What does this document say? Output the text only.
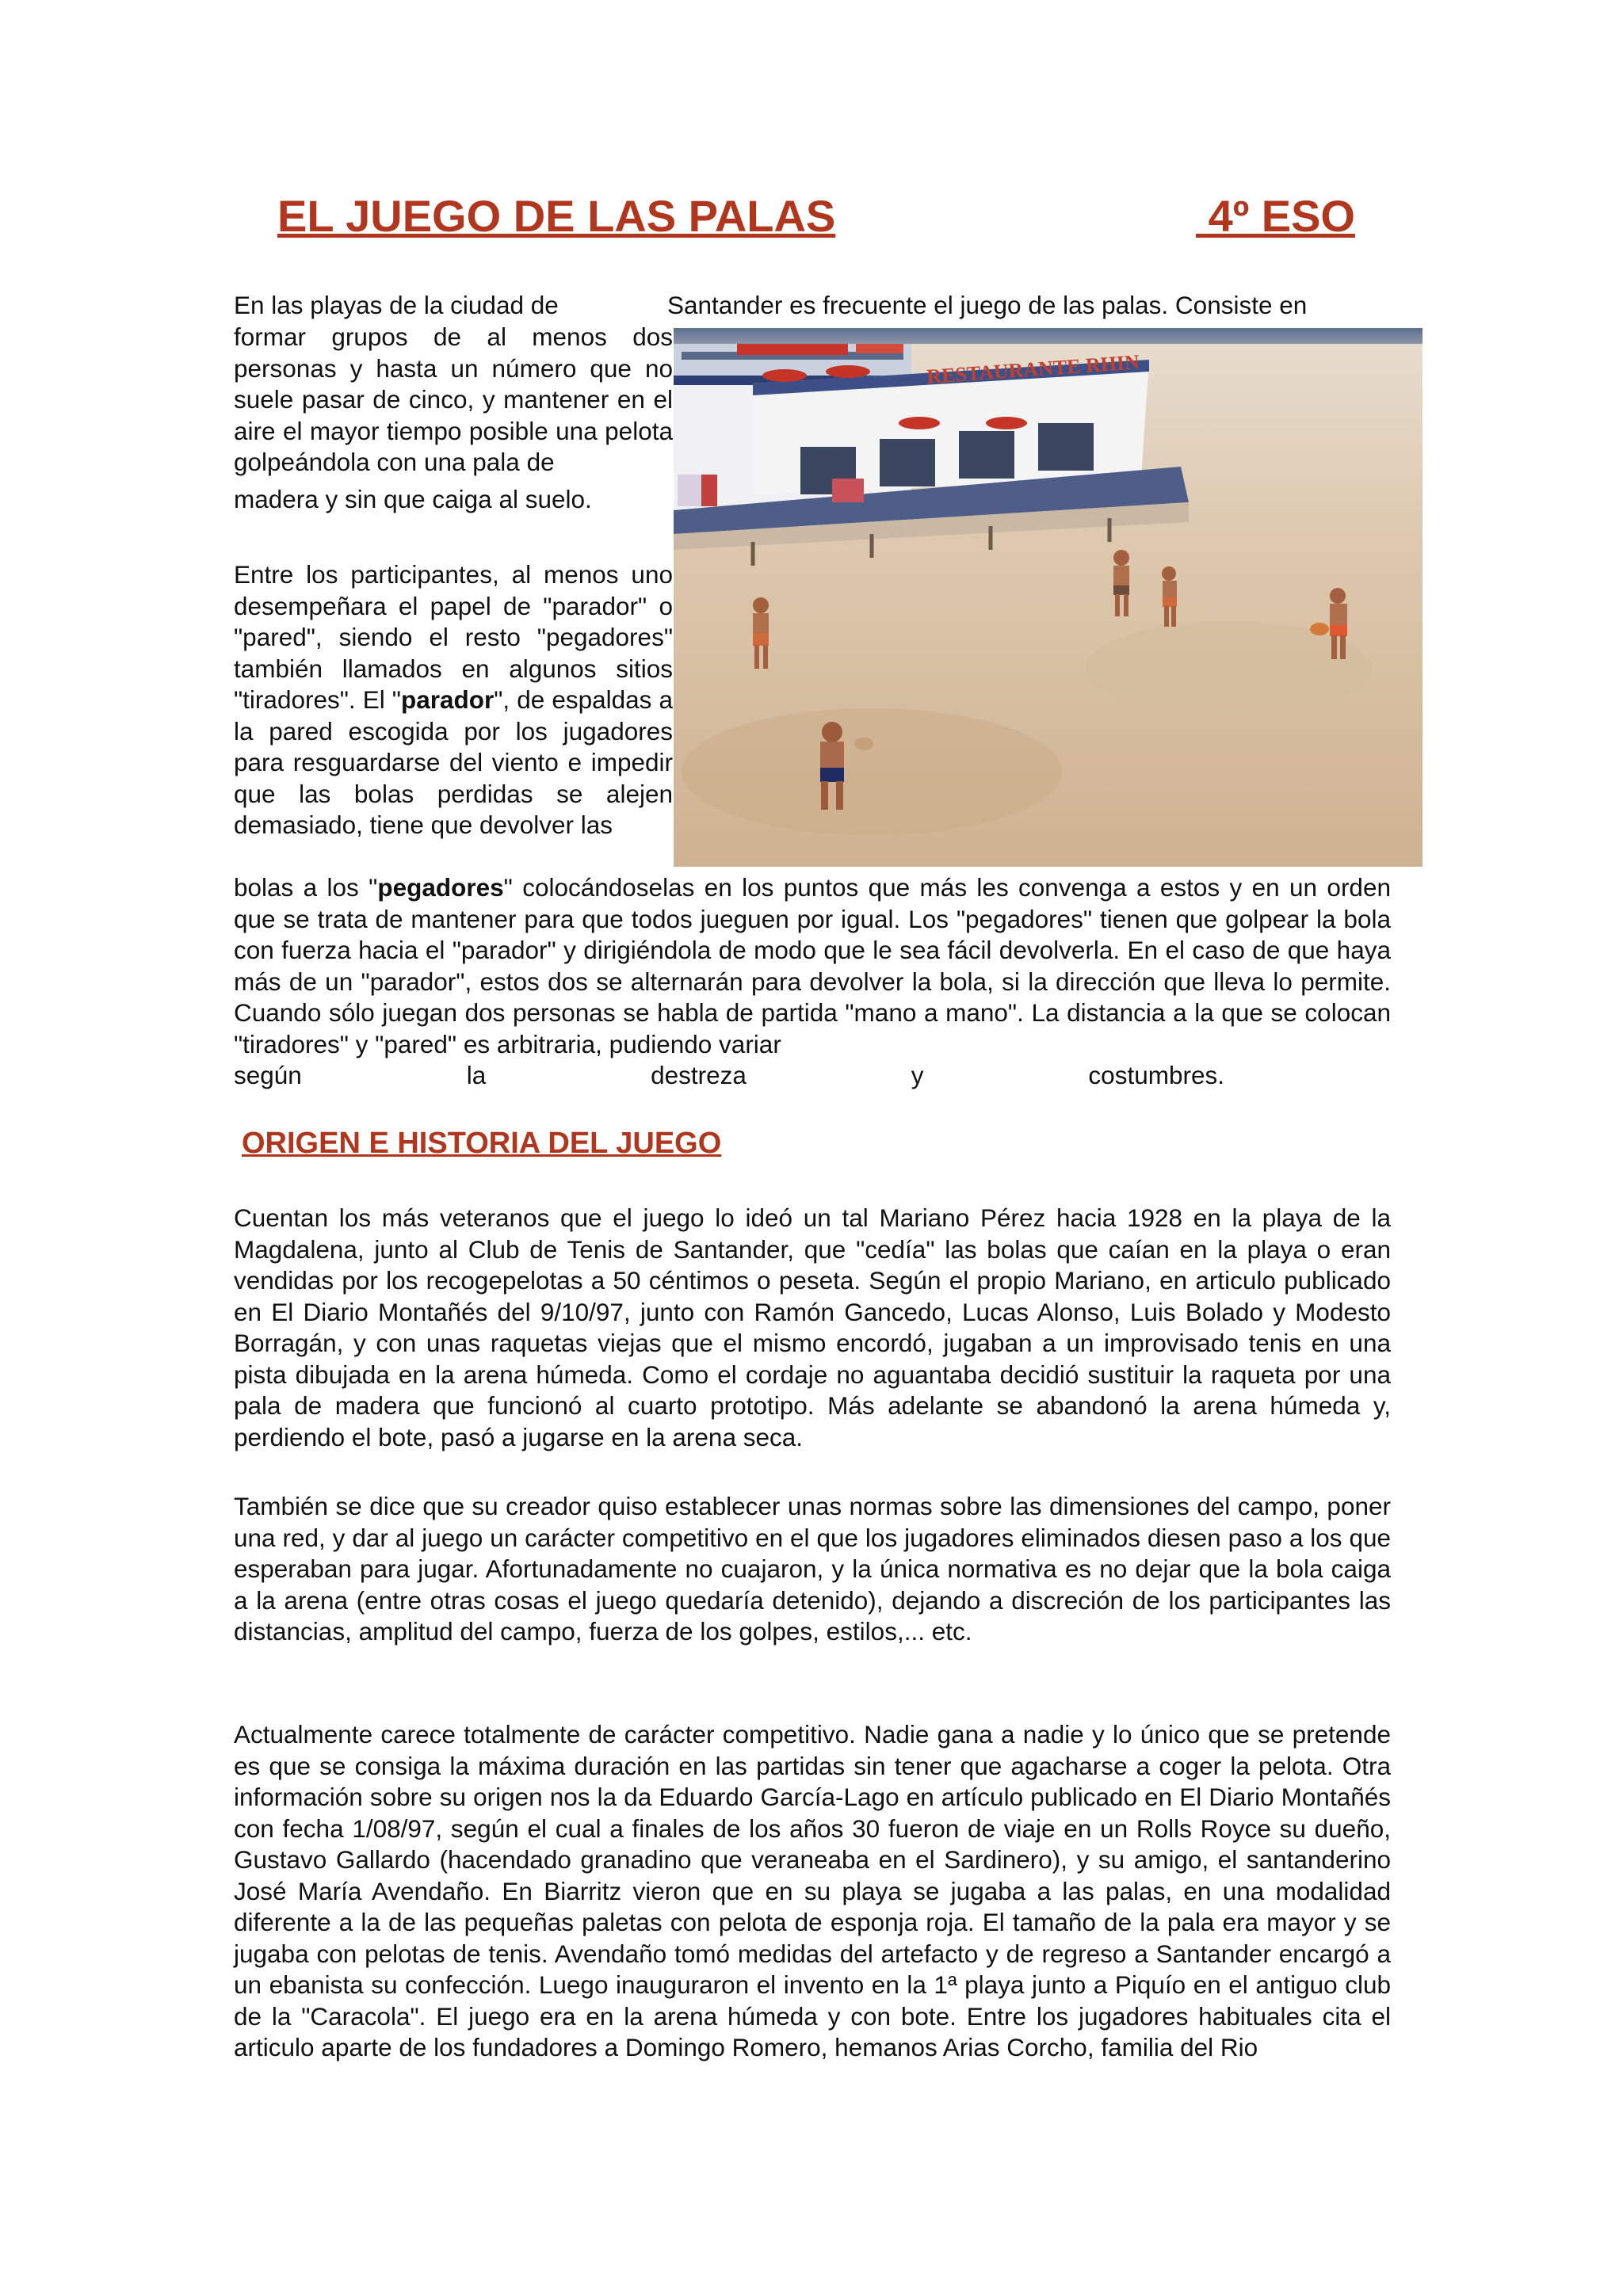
EL JUEGO DE LAS PALAS	4º ESO
En las playas de la ciudad de	Santander es frecuente el juego de las palas. Consiste en
formar grupos de al menos dos personas y hasta un número que no suele pasar de cinco, y mantener en el aire el mayor tiempo posible una pelota golpeándola con una pala de
madera y sin que caiga al suelo.
Entre los participantes, al menos uno desempeñara el papel de "parador" o "pared", siendo el resto "pegadores" también llamados en algunos sitios "tiradores". El "parador", de espaldas a la pared escogida por los jugadores para resguardarse del viento e impedir que las bolas perdidas se alejen demasiado, tiene que devolver las
RESTAURANTE RHIN
bolas a los "pegadores" colocándoselas en los puntos que más les convenga a estos y en un orden que se trata de mantener para que todos jueguen por igual. Los "pegadores" tienen que golpear la bola con fuerza hacia el "parador" y dirigiéndola de modo que le sea fácil devolverla. En el caso de que haya más de un "parador", estos dos se alternarán para devolver la bola, si la dirección que lleva lo permite. Cuando sólo juegan dos personas se habla de partida "mano a mano". La distancia a la que se colocan "tiradores" y "pared" es arbitraria, pudiendo variar
según la destreza y costumbres.
ORIGEN E HISTORIA DEL JUEGO
Cuentan los más veteranos que el juego lo ideó un tal Mariano Pérez hacia 1928 en la playa de la Magdalena, junto al Club de Tenis de Santander, que "cedía" las bolas que caían en la playa o eran vendidas por los recogepelotas a 50 céntimos o peseta. Según el propio Mariano, en articulo publicado en El Diario Montañés del 9/10/97, junto con Ramón Gancedo, Lucas Alonso, Luis Bolado y Modesto Borragán, y con unas raquetas viejas que el mismo encordó, jugaban a un improvisado tenis en una pista dibujada en la arena húmeda. Como el cordaje no aguantaba decidió sustituir la raqueta por una pala de madera que funcionó al cuarto prototipo. Más adelante se abandonó la arena húmeda y, perdiendo el bote, pasó a jugarse en la arena seca.
También se dice que su creador quiso establecer unas normas sobre las dimensiones del campo, poner una red, y dar al juego un carácter competitivo en el que los jugadores eliminados diesen paso a los que esperaban para jugar. Afortunadamente no cuajaron, y la única normativa es no dejar que la bola caiga a la arena (entre otras cosas el juego quedaría detenido), dejando a discreción de los participantes las distancias, amplitud del campo, fuerza de los golpes, estilos,... etc.
Actualmente carece totalmente de carácter competitivo. Nadie gana a nadie y lo único que se pretende es que se consiga la máxima duración en las partidas sin tener que agacharse a coger la pelota. Otra información sobre su origen nos la da Eduardo García-Lago en artículo publicado en El Diario Montañés con fecha 1/08/97, según el cual a finales de los años 30 fueron de viaje en un Rolls Royce su dueño, Gustavo Gallardo (hacendado granadino que veraneaba en el Sardinero), y su amigo, el santanderino José María Avendaño. En Biarritz vieron que en su playa se jugaba a las palas, en una modalidad diferente a la de las pequeñas paletas con pelota de esponja roja. El tamaño de la pala era mayor y se jugaba con pelotas de tenis. Avendaño tomó medidas del artefacto y de regreso a Santander encargó a un ebanista su confección. Luego inauguraron el invento en la 1ª playa junto a Piquío en el antiguo club de la "Caracola". El juego era en la arena húmeda y con bote. Entre los jugadores habituales cita el articulo aparte de los fundadores a Domingo Romero, hemanos Arias Corcho, familia del Rio
